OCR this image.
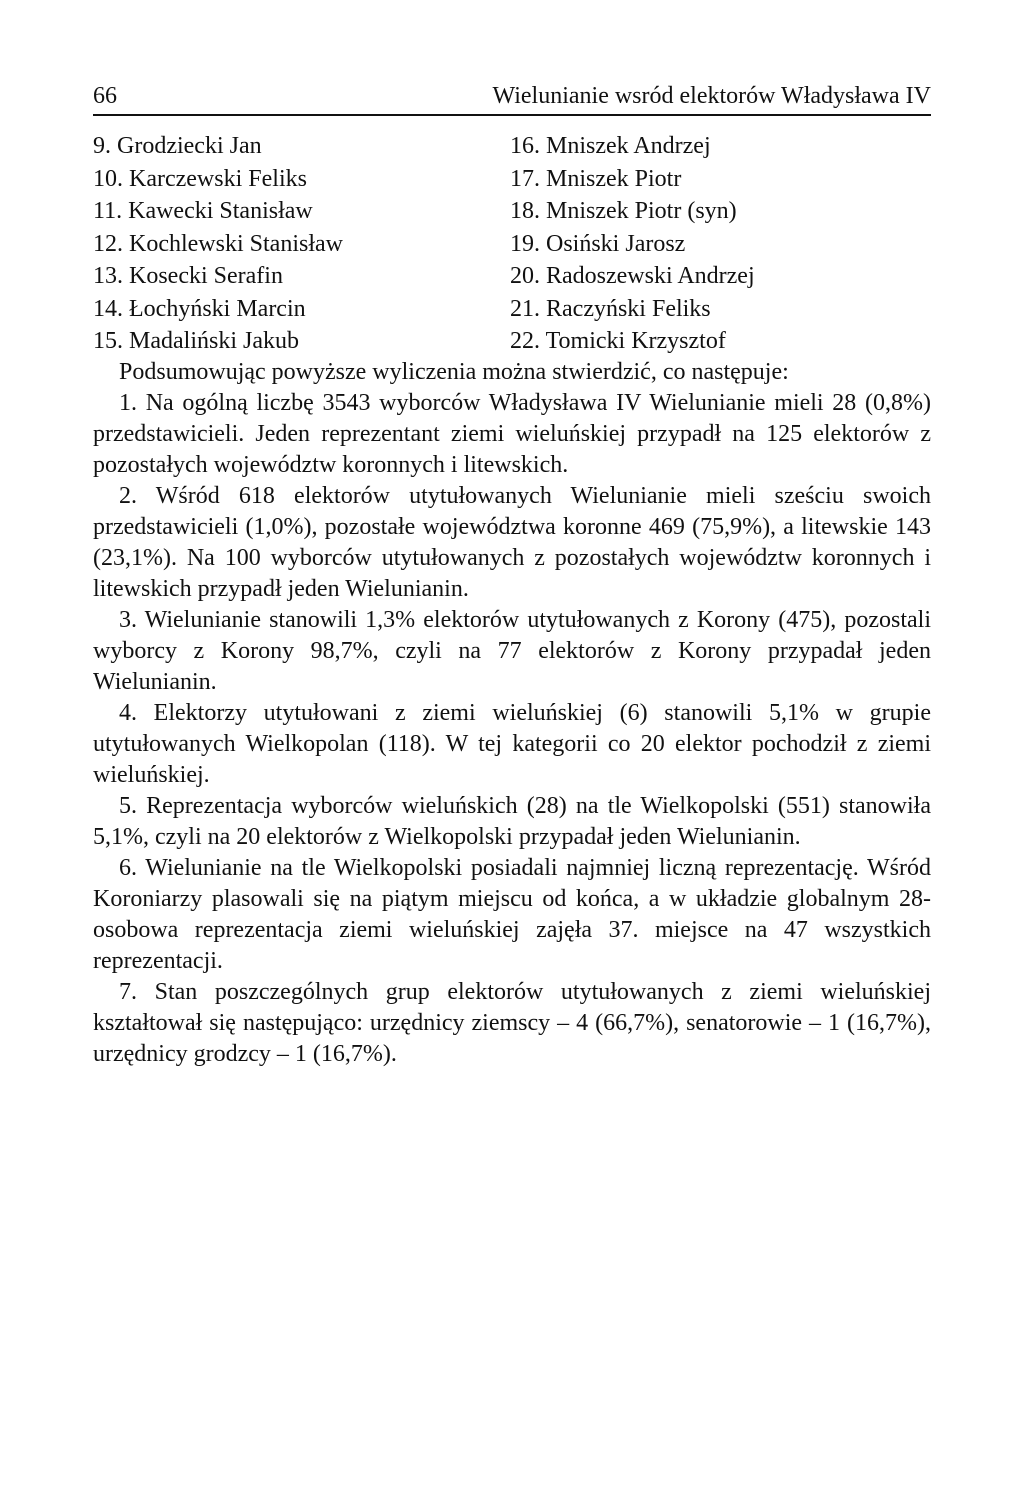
66	Wielunianie wsród elektorów Władysława IV
9. Grodziecki Jan
10. Karczewski Feliks
11. Kawecki Stanisław
12. Kochlewski Stanisław
13. Kosecki Serafin
14. Łochyński Marcin
15. Madaliński Jakub
16. Mniszek Andrzej
17. Mniszek Piotr
18. Mniszek Piotr (syn)
19. Osiński Jarosz
20. Radoszewski Andrzej
21. Raczyński Feliks
22. Tomicki Krzysztof

Podsumowując powyższe wyliczenia można stwierdzić, co następuje:

1. Na ogólną liczbę 3543 wyborców Władysława IV Wielunianie mieli 28 (0,8%) przedstawicieli. Jeden reprezentant ziemi wieluńskiej przypadł na 125 elektorów z pozostałych województw koronnych i litewskich.

2. Wśród 618 elektorów utytułowanych Wielunianie mieli sześciu swoich przedstawicieli (1,0%), pozostałe województwa koronne 469 (75,9%), a litewskie 143 (23,1%). Na 100 wyborców utytułowanych z pozostałych województw koronnych i litewskich przypadł jeden Wielunianin.

3. Wielunianie stanowili 1,3% elektorów utytułowanych z Korony (475), pozostali wyborcy z Korony 98,7%, czyli na 77 elektorów z Korony przypadał jeden Wielunianin.

4. Elektorzy utytułowani z ziemi wieluńskiej (6) stanowili 5,1% w grupie utytułowanych Wielkopolan (118). W tej kategorii co 20 elektor pochodził z ziemi wieluńskiej.

5. Reprezentacja wyborców wieluńskich (28) na tle Wielkopolski (551) stanowiła 5,1%, czyli na 20 elektorów z Wielkopolski przypadał jeden Wielunianin.

6. Wielunianie na tle Wielkopolski posiadali najmniej liczną reprezentację. Wśród Koroniarzy plasowali się na piątym miejscu od końca, a w układzie globalnym 28-osobowa reprezentacja ziemi wieluńskiej zajęła 37. miejsce na 47 wszystkich reprezentacji.

7. Stan poszczególnych grup elektorów utytułowanych z ziemi wieluńskiej kształtował się następująco: urzędnicy ziemscy – 4 (66,7%), senatorowie – 1 (16,7%), urzędnicy grodzcy – 1 (16,7%).
